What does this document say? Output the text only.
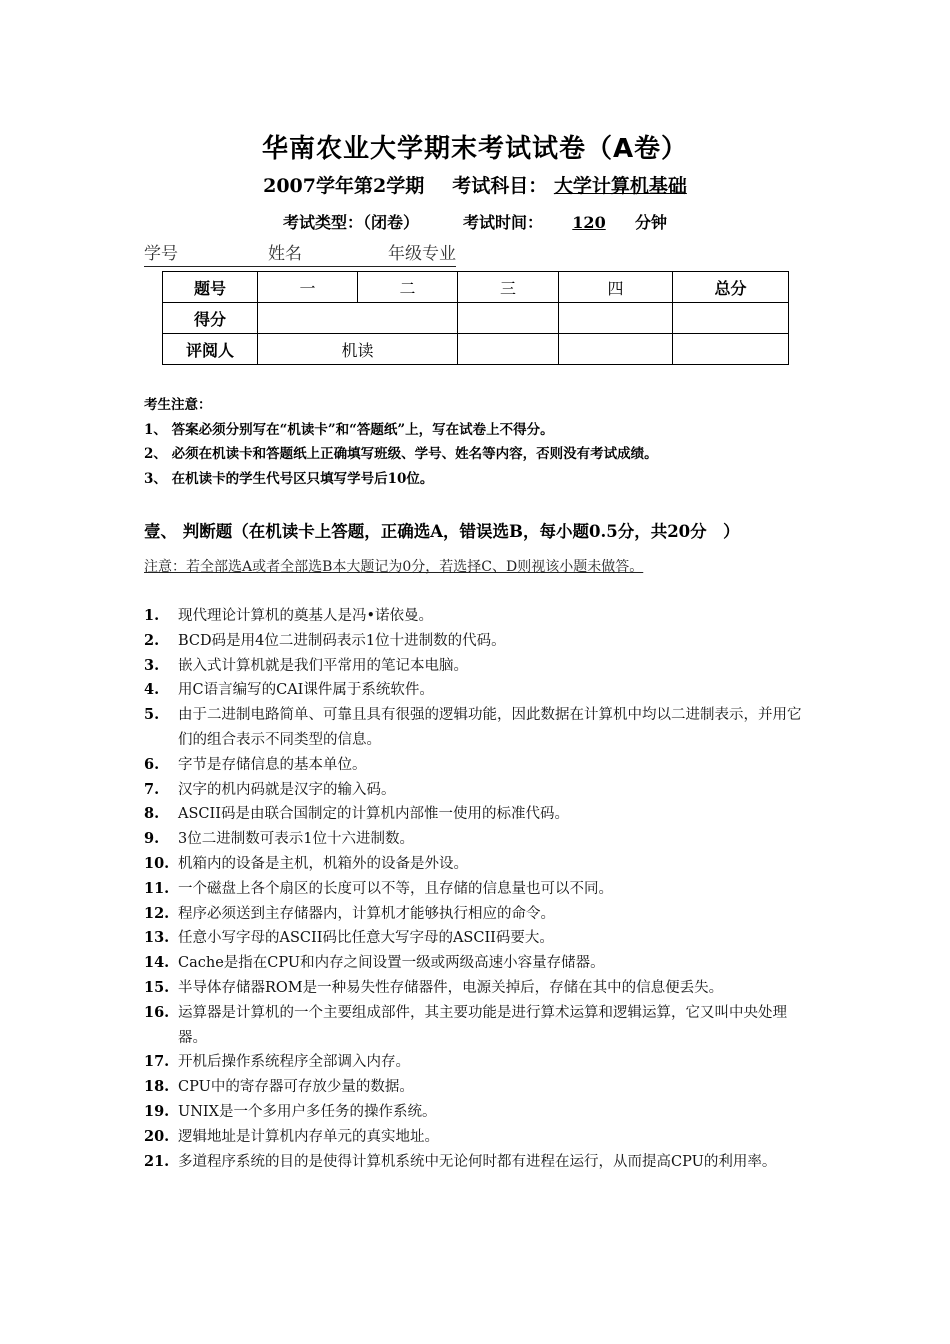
华南农业大学期末考试试卷（A卷）
2007学年第2学期 考试科目： 大学计算机基础
考试类型：（闭卷）	考试时间： 120 分钟
学号	姓名	年级专业
题号	一	二	三	四	总分
得分					
评阅人	机读				
考生注意：
1、 答案必须分别写在“机读卡”和“答题纸”上，写在试卷上不得分。
2、 必须在机读卡和答题纸上正确填写班级、学号、姓名等内容，否则没有考试成绩。
3、 在机读卡的学生代号区只填写学号后10位。
壹、 判断题（在机读卡上答题，正确选A，错误选B，每小题0.5分，共20分　）
注意：若全部选A或者全部选B本大题记为0分，若选择C、D则视该小题未做答。
1.	现代理论计算机的奠基人是冯•诺依曼。
2.	BCD码是用4位二进制码表示1位十进制数的代码。
3.	嵌入式计算机就是我们平常用的笔记本电脑。
4.	用C语言编写的CAI课件属于系统软件。
5.	由于二进制电路简单、可靠且具有很强的逻辑功能，因此数据在计算机中均以二进制表示，并用它们的组合表示不同类型的信息。
6.	字节是存储信息的基本单位。
7.	汉字的机内码就是汉字的输入码。
8.	ASCII码是由联合国制定的计算机内部惟一使用的标准代码。
9.	3位二进制数可表示1位十六进制数。
10. 机箱内的设备是主机，机箱外的设备是外设。
11. 一个磁盘上各个扇区的长度可以不等，且存储的信息量也可以不同。
12. 程序必须送到主存储器内，计算机才能够执行相应的命令。
13. 任意小写字母的ASCII码比任意大写字母的ASCII码要大。
14. Cache是指在CPU和内存之间设置一级或两级高速小容量存储器。
15. 半导体存储器ROM是一种易失性存储器件，电源关掉后，存储在其中的信息便丢失。
16. 运算器是计算机的一个主要组成部件，其主要功能是进行算术运算和逻辑运算，它又叫中央处理器。
17. 开机后操作系统程序全部调入内存。
18. CPU中的寄存器可存放少量的数据。
19. UNIX是一个多用户多任务的操作系统。
20. 逻辑地址是计算机内存单元的真实地址。
21. 多道程序系统的目的是使得计算机系统中无论何时都有进程在运行，从而提高CPU的利用率。
